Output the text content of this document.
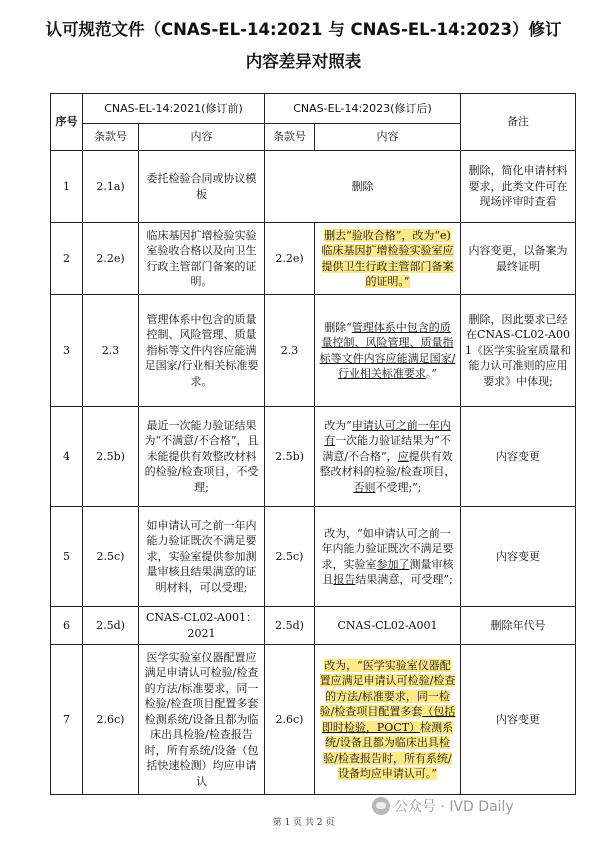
认可规范文件（CNAS-EL-14:2021 与 CNAS-EL-14:2023）修订
内容差异对照表
序号	CNAS-EL-14:2021(修订前)		CNAS-EL-14:2023(修订后)		备注
	条款号	内容	条款号	内容	
1	2.1a)	委托检验合同或协议模板	删除		删除，简化申请材料要求，此类文件可在现场评审时查看
2	2.2e)	临床基因扩增检验实验室验收合格以及向卫生行政主管部门备案的证明。	2.2e)	删去“验收合格”，改为“e) 临床基因扩增检验实验室应提供卫生行政主管部门备案的证明。”	内容变更，以备案为最终证明
3	2.3	管理体系中包含的质量控制、风险管理、质量指标等文件内容应能满足国家/行业相关标准要求。	2.3	删除“管理体系中包含的质量控制、风险管理、质量指标等文件内容应能满足国家/行业相关标准要求。”	删除，因此要求已经在CNAS-CL02-A001《医学实验室质量和能力认可准则的应用要求》中体现;
4	2.5b)	最近一次能力验证结果为“不满意/不合格”，且未能提供有效整改材料的检验/检查项目，不受理;	2.5b)	改为“申请认可之前一年内有一次能力验证结果为“不满意/不合格”，应提供有效整改材料的检验/检查项目，否则不受理;”;	内容变更
5	2.5c)	如申请认可之前一年内能力验证既次不满足要求，实验室提供参加测量审核且结果满意的证明材料，可以受理;	2.5c)	改为，“如申请认可之前一年内能力验证既次不满足要求，实验室参加了测量审核且报告结果满意，可受理”;	内容变更
6	2.5d)	CNAS-CL02-A001：2021	2.5d)	CNAS-CL02-A001	删除年代号
7	2.6c)	医学实验室仪器配置应满足申请认可检验/检查的方法/标准要求，同一检验/检查项目配置多套检测系统/设备且都为临床出具检验/检查报告时，所有系统/设备（包括快速检测）均应申请认	2.6c)	改为，“医学实验室仪器配置应满足申请认可检验/检查的方法/标准要求，同一检验/检查项目配置多套（包括即时检验，POCT）检测系统/设备且都为临床出具检验/检查报告时，所有系统/设备均应申请认可。”	内容变更
公众号 · IVD Daily
第 1 页 共 2 页
